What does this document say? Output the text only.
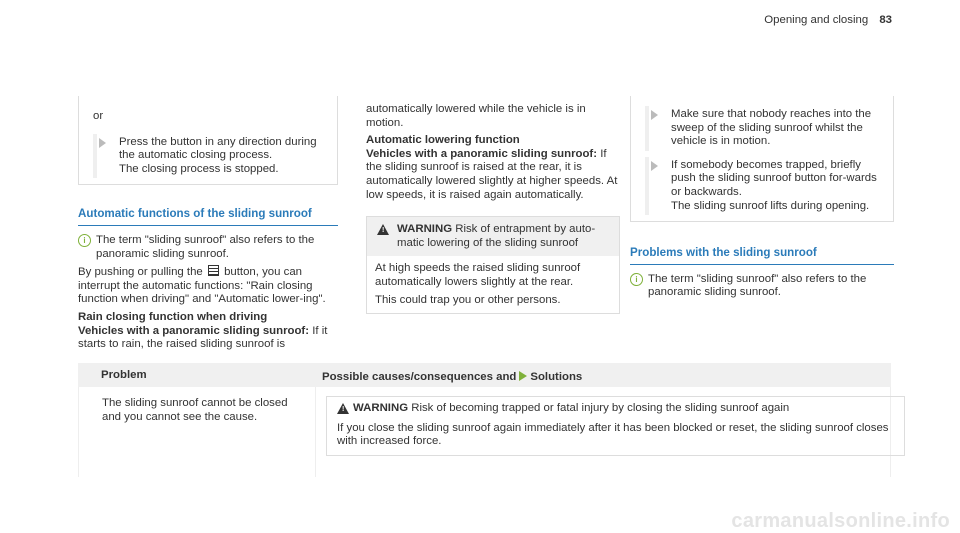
Opening and closing 83

or

Press the button in any direction during

the automatic closing process.

The closing process is stopped.

Automatic functions of the sliding sunroof
i The term "sliding sunroof" also refers to the

panoramic sliding sunroof.

By pushing or pulling the button, you can interrupt the automatic functions: "Rain closing function when driving" and "Automatic lower-ing".

Rain closing function when driving

Vehicles with a panoramic sliding sunroof: If it starts to rain, the raised sliding sunroof is

automatically lowered while the vehicle is in motion.

Automatic lowering function

Vehicles with a panoramic sliding sunroof: If the sliding sunroof is raised at the rear, it is automatically lowered slightly at higher speeds. At low speeds, it is raised again automatically.

! WARNING Risk of entrapment by auto-matic lowering of the sliding sunroof

At high speeds the raised sliding sunroof automatically lowers slightly at the rear.

This could trap you or other persons.

Make sure that nobody reaches into the sweep of the sliding sunroof whilst the vehicle is in motion.

If somebody becomes trapped, briefly push the sliding sunroof button for-wards or backwards.

The sliding sunroof lifts during opening.

Problems with the sliding sunroof
i The term "sliding sunroof" also refers to the panoramic sliding sunroof.

Problem	Possible causes/consequences and Solutions

The sliding sunroof cannot be closed and you cannot see the cause.

! WARNING Risk of becoming trapped or fatal injury by closing the sliding sunroof again

If you close the sliding sunroof again immediately after it has been blocked or reset, the sliding sunroof closes with increased force.

carmanualsonline.info
